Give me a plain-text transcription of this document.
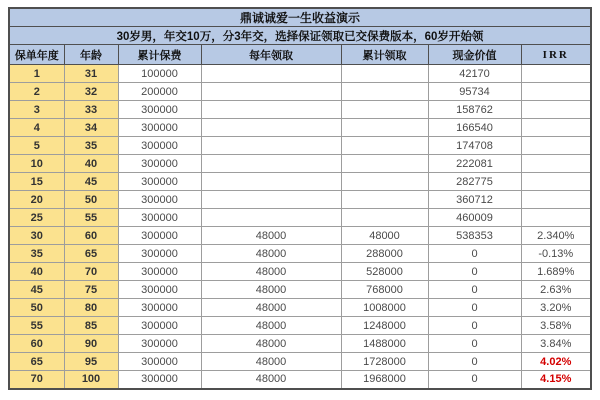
鼎诚诚爱一生收益演示						
30岁男，年交10万，分3年交，选择保证领取已交保费版本，60岁开始领						
保单年度	年龄	累计保费	每年领取	累计领取	现金价值	IRR
1	31	100000			42170	
2	32	200000			95734	
3	33	300000			158762	
4	34	300000			166540	
5	35	300000			174708	
10	40	300000			222081	
15	45	300000			282775	
20	50	300000			360712	
25	55	300000			460009	
30	60	300000	48000	48000	538353	2.340%
35	65	300000	48000	288000	0	-0.13%
40	70	300000	48000	528000	0	1.689%
45	75	300000	48000	768000	0	2.63%
50	80	300000	48000	1008000	0	3.20%
55	85	300000	48000	1248000	0	3.58%
60	90	300000	48000	1488000	0	3.84%
65	95	300000	48000	1728000	0	4.02%
70	100	300000	48000	1968000	0	4.15%
